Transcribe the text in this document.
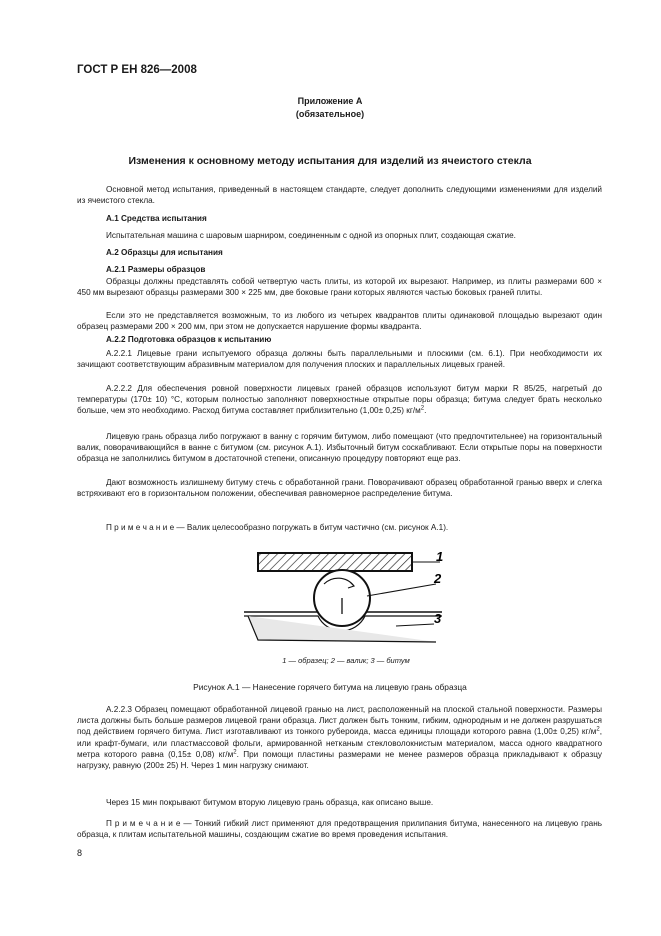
ГОСТ Р ЕН 826—2008
Приложение А
(обязательное)
Изменения к основному методу испытания для изделий из ячеистого стекла
Основной метод испытания, приведенный в настоящем стандарте, следует дополнить следующими изменениями для изделий из ячеистого стекла.
А.1 Средства испытания
Испытательная машина с шаровым шарниром, соединенным с одной из опорных плит, создающая сжатие.
А.2 Образцы для испытания
А.2.1 Размеры образцов
Образцы должны представлять собой четвертую часть плиты, из которой их вырезают. Например, из плиты размерами 600 × 450 мм вырезают образцы размерами 300 × 225 мм, две боковые грани которых являются частью боковых граней плиты.
Если это не представляется возможным, то из любого из четырех квадрантов плиты одинаковой площадью вырезают один образец размерами 200 × 200 мм, при этом не допускается нарушение формы квадранта.
А.2.2 Подготовка образцов к испытанию
А.2.2.1 Лицевые грани испытуемого образца должны быть параллельными и плоскими (см. 6.1). При необходимости их зачищают соответствующим абразивным материалом для получения плоских и параллельных лицевых граней.
А.2.2.2 Для обеспечения ровной поверхности лицевых граней образцов используют битум марки R 85/25, нагретый до температуры (170± 10) °C, которым полностью заполняют поверхностные открытые поры образца; битума следует брать несколько больше, чем это необходимо. Расход битума составляет приблизительно (1,00± 0,25) $кг/м^2$.
Лицевую грань образца либо погружают в ванну с горячим битумом, либо помещают (что предпочтительнее) на горизонтальный валик, поворачивающийся в ванне с битумом (см. рисунок А.1). Избыточный битум соскабливают. Если открытые поры на поверхности образца не заполнились битумом в достаточной степени, описанную процедуру повторяют еще раз.
Дают возможность излишнему битуму стечь с обработанной грани. Поворачивают образец обработанной гранью вверх и слегка встряхивают его в горизонтальном положении, обеспечивая равномерное распределение битума.
П р и м е ч а н и е — Валик целесообразно погружать в битум частично (см. рисунок А.1).
1
2
3
1 — образец; 2 — валик; 3 — битум
Рисунок А.1 — Нанесение горячего битума на лицевую грань образца
А.2.2.3 Образец помещают обработанной лицевой гранью на лист, расположенный на плоской стальной поверхности. Размеры листа должны быть больше размеров лицевой грани образца. Лист должен быть тонким, гибким, однородным и не должен разрушаться под действием горячего битума. Лист изготавливают из тонкого рубероида, масса единицы площади которого равна (1,00± 0,25) $кг/м^2$, или крафт-бумаги, или пластмассовой фольги, армированной нетканым стекловолокнистым материалом, масса одного квадратного метра которого равна (0,15± 0,08) $кг/м^2$. При помощи пластины размерами не менее размеров образца прикладывают к образцу нагрузку, равную (200± 25) Н. Через 1 мин нагрузку снимают.
Через 15 мин покрывают битумом вторую лицевую грань образца, как описано выше.
П р и м е ч а н и е — Тонкий гибкий лист применяют для предотвращения прилипания битума, нанесенного на лицевую грань образца, к плитам испытательной машины, создающим сжатие во время проведения испытания.
8
